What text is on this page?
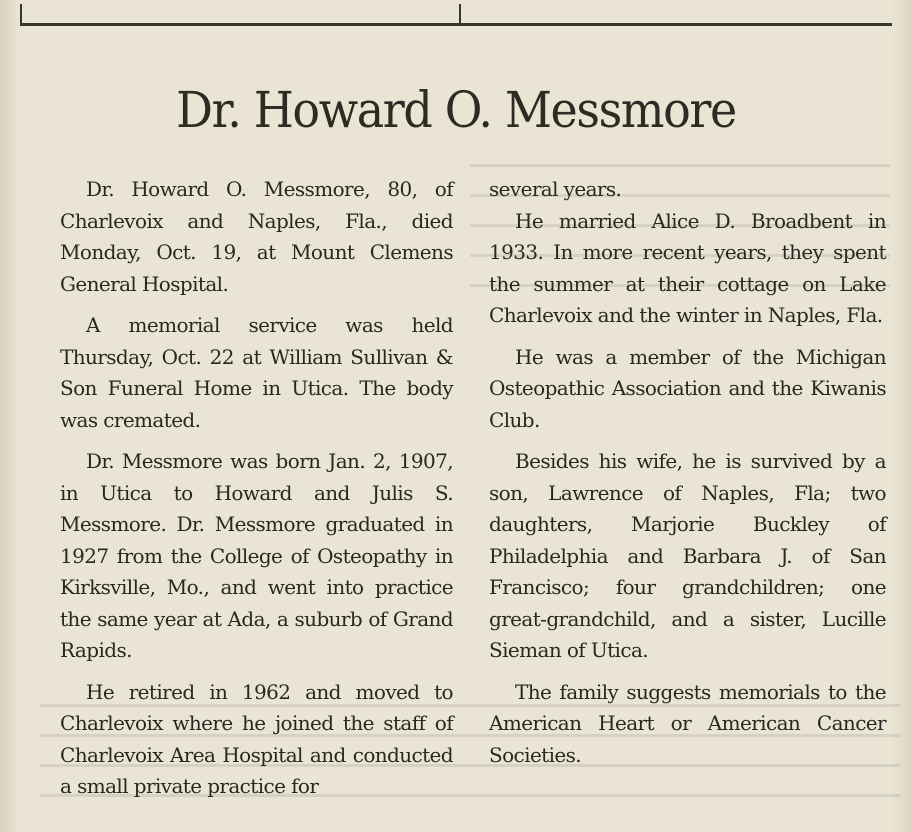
Dr. Howard O. Messmore

Dr. Howard O. Messmore, 80, of Charlevoix and Naples, Fla., died Monday, Oct. 19, at Mount Clemens General Hospital.

A memorial service was held Thursday, Oct. 22 at William Sullivan & Son Funeral Home in Utica. The body was cremated.

Dr. Messmore was born Jan. 2, 1907, in Utica to Howard and Julis S. Messmore. Dr. Messmore graduated in 1927 from the College of Osteopathy in Kirksville, Mo., and went into practice the same year at Ada, a suburb of Grand Rapids.

He retired in 1962 and moved to Charlevoix where he joined the staff of Charlevoix Area Hospital and conducted a small private practice for

several years.

He married Alice D. Broadbent in 1933. In more recent years, they spent the summer at their cottage on Lake Charlevoix and the winter in Naples, Fla.

He was a member of the Michigan Osteopathic Association and the Kiwanis Club.

Besides his wife, he is survived by a son, Lawrence of Naples, Fla; two daughters, Marjorie Buckley of Philadelphia and Barbara J. of San Francisco; four grandchildren; one great-grandchild, and a sister, Lucille Sieman of Utica.

The family suggests memorials to the American Heart or American Cancer Societies.
